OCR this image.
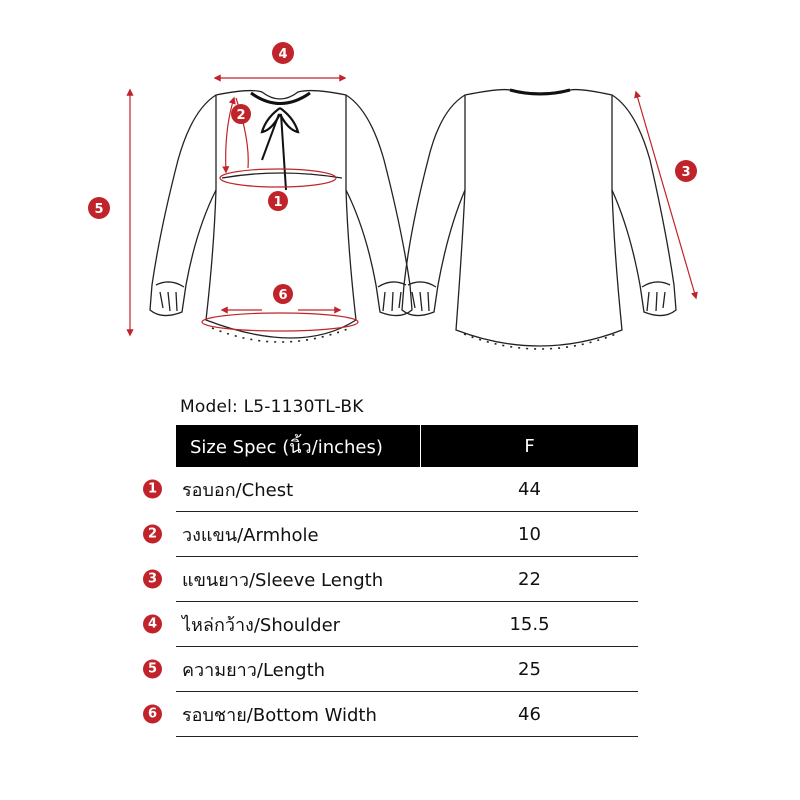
4
2
1
5
3
6
Model: L5-1130TL-BK
Size Spec (นิ้ว/inches)	F
1	รอบอก/Chest	44
2	วงแขน/Armhole	10
3	แขนยาว/Sleeve Length	22
4	ไหล่กว้าง/Shoulder	15.5
5	ความยาว/Length	25
6	รอบชาย/Bottom Width	46
